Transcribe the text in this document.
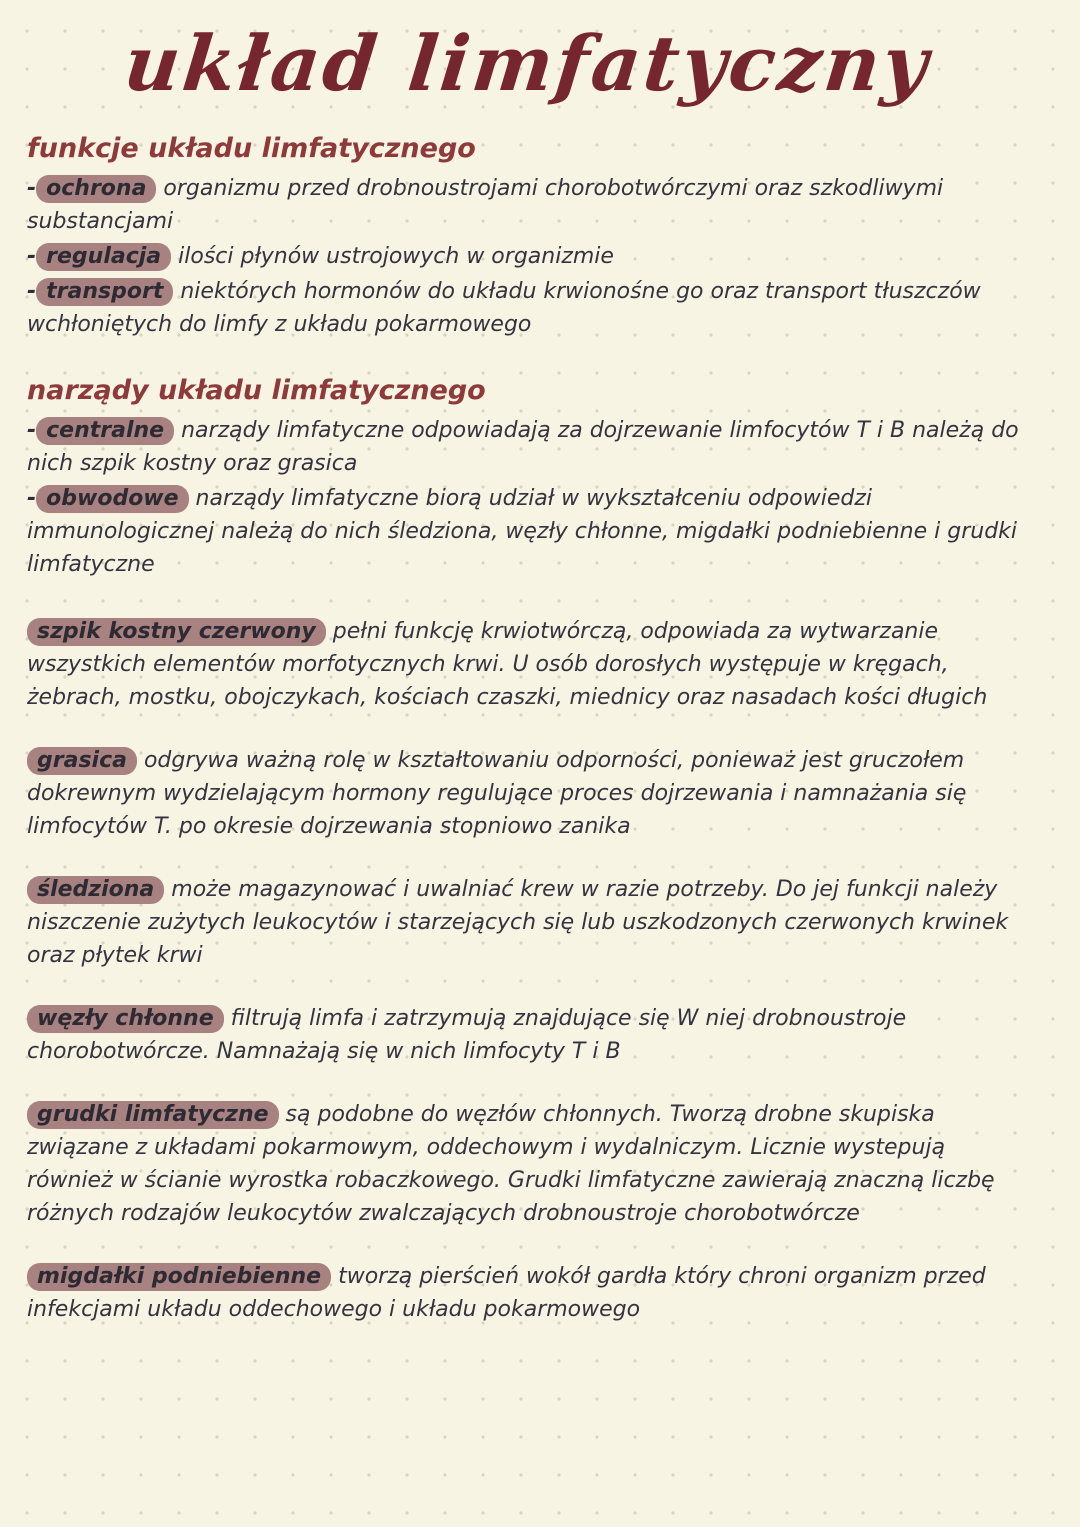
układ limfatyczny
funkcje układu limfatycznego

- ochrona organizmu przed drobnoustrojami chorobotwórczymi oraz szkodliwymi substancjami

- regulacja ilości płynów ustrojowych w organizmie

- transport niektórych hormonów do układu krwionośne go oraz transport tłuszczów wchłoniętych do limfy z układu pokarmowego

narządy układu limfatycznego

- centralne narządy limfatyczne odpowiadają za dojrzewanie limfocytów T i B należą do nich szpik kostny oraz grasica

- obwodowe narządy limfatyczne biorą udział w wykształceniu odpowiedzi immunologicznej należą do nich śledziona, węzły chłonne, migdałki podniebienne i grudki limfatyczne

szpik kostny czerwony pełni funkcję krwiotwórczą, odpowiada za wytwarzanie wszystkich elementów morfotycznych krwi. U osób dorosłych występuje w kręgach, żebrach, mostku, obojczykach, kościach czaszki, miednicy oraz nasadach kości długich

grasica odgrywa ważną rolę w kształtowaniu odporności, ponieważ jest gruczołem dokrewnym wydzielającym hormony regulujące proces dojrzewania i namnażania się limfocytów T. po okresie dojrzewania stopniowo zanika

śledziona może magazynować i uwalniać krew w razie potrzeby. Do jej funkcji należy niszczenie zużytych leukocytów i starzejących się lub uszkodzonych czerwonych krwinek oraz płytek krwi

węzły chłonne filtrują limfa i zatrzymują znajdujące się W niej drobnoustroje chorobotwórcze. Namnażają się w nich limfocyty T i B

grudki limfatyczne są podobne do węzłów chłonnych. Tworzą drobne skupiska związane z układami pokarmowym, oddechowym i wydalniczym. Licznie wystepują również w ścianie wyrostka robaczkowego. Grudki limfatyczne zawierają znaczną liczbę różnych rodzajów leukocytów zwalczających drobnoustroje chorobotwórcze

migdałki podniebienne tworzą pierścień wokół gardła który chroni organizm przed infekcjami układu oddechowego i układu pokarmowego
